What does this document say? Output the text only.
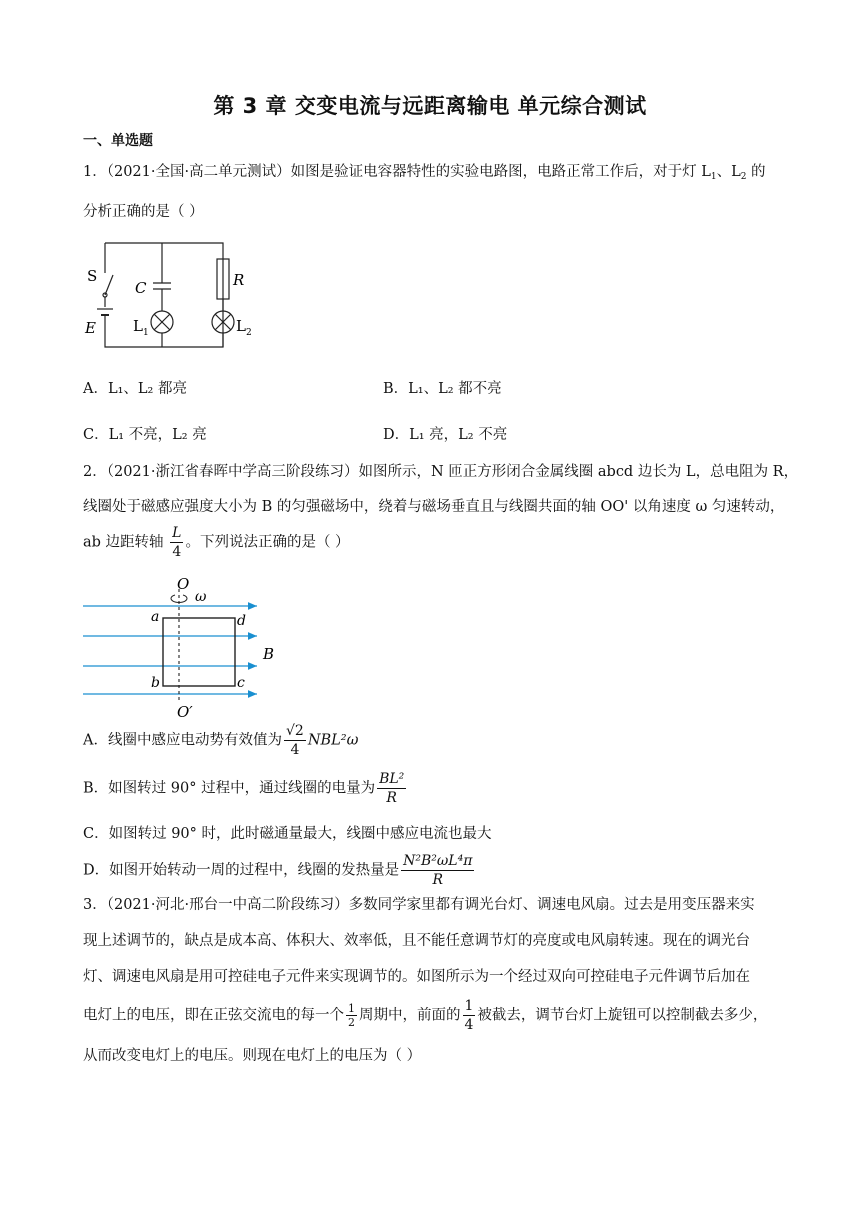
第 3 章 交变电流与远距离输电 单元综合测试
一、单选题
1．（2021·全国·高二单元测试）如图是验证电容器特性的实验电路图，电路正常工作后，对于灯 $L_1$、$L_2$ 的
分析正确的是（ ）
S
C	R
E $L_1$	$L_2$
A．L₁、L₂ 都亮	B．L₁、L₂ 都不亮
C．L₁ 不亮，L₂ 亮	D．L₁ 亮，L₂ 不亮
2．（2021·浙江省春晖中学高三阶段练习）如图所示，N 匝正方形闭合金属线圈 abcd 边长为 L，总电阻为 R，
线圈处于磁感应强度大小为 B 的匀强磁场中，绕着与磁场垂直且与线圈共面的轴 OO' 以角速度 ω 匀速转动，
ab 边距转轴 $\frac{L}{4}$ 。下列说法正确的是（ ）
O
ω
a	d
b	c
B
O′
A．线圈中感应电动势有效值为 $\frac{√2}{4} NBL^2\omega$
B．如图转过 90° 过程中，通过线圈的电量为 $\frac{\text{BL²}}{R}$
C．如图转过 90° 时，此时磁通量最大，线圈中感应电流也最大
D．如图开始转动一周的过程中，线圈的发热量是 $\frac{\text{N²B²ωL⁴π}}{R}$
3．（2021·河北·邢台一中高二阶段练习）多数同学家里都有调光台灯、调速电风扇。过去是用变压器来实
现上述调节的，缺点是成本高、体积大、效率低，且不能任意调节灯的亮度或电风扇转速。现在的调光台
灯、调速电风扇是用可控硅电子元件来实现调节的。如图所示为一个经过双向可控硅电子元件调节后加在
电灯上的电压，即在正弦交流电的每一个 $\frac{1}{2}$ 周期中，前面的 $\frac{1}{4}$ 被截去，调节台灯上旋钮可以控制截去多少，
从而改变电灯上的电压。则现在电灯上的电压为（ ）
